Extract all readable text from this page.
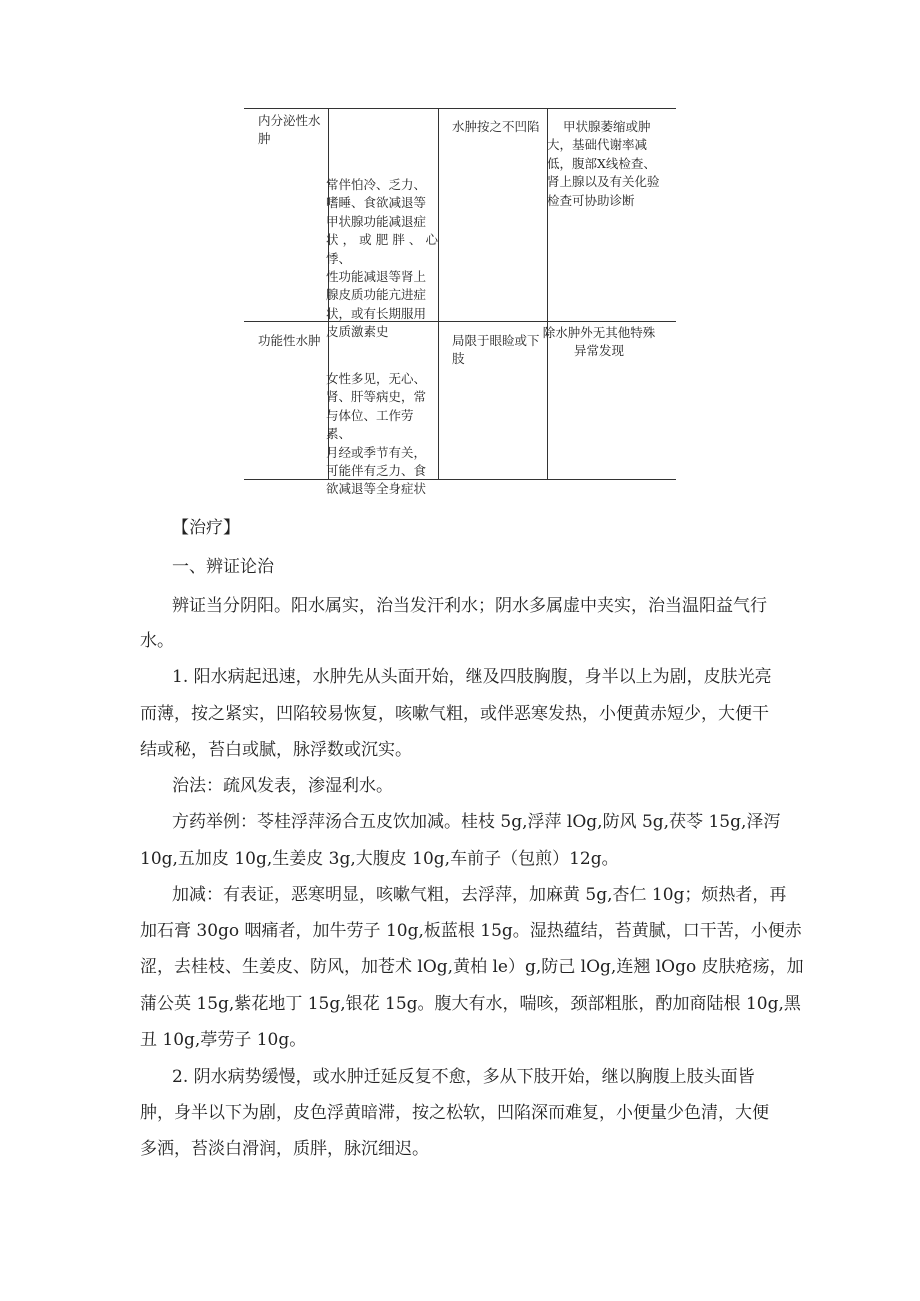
内分泌性水
肿
常伴怕冷、乏力、
嗜睡、食欲减退等
甲状腺功能减退症
状，或肥胖、心悸、
性功能减退等肾上
腺皮质功能亢进症
状，或有长期服用
皮质激素史
水肿按之不凹陷	甲状腺萎缩或肿
大，基础代谢率减
低，腹部X线检查、
肾上腺以及有关化验
检查可协助诊断
功能性水肿
女性多见，无心、
肾、肝等病史，常
与体位、工作劳累、
月经或季节有关，
可能伴有乏力、食
欲减退等全身症状
局限于眼睑或下
肢
除水肿外无其他特殊
异常发现
【治疗】
一、辨证论治
辨证当分阴阳。阳水属实，治当发汗利水；阴水多属虚中夹实，治当温阳益气行
水。
1. 阳水病起迅速，水肿先从头面开始，继及四肢胸腹，身半以上为剧，皮肤光亮
而薄，按之紧实，凹陷较易恢复，咳嗽气粗，或伴恶寒发热，小便黄赤短少，大便干
结或秘，苔白或腻，脉浮数或沉实。
治法：疏风发表，渗湿利水。
方药举例：苓桂浮萍汤合五皮饮加减。桂枝 5g,浮萍 lOg,防风 5g,茯苓 15g,泽泻
10g,五加皮 10g,生姜皮 3g,大腹皮 10g,车前子（包煎）12g。
加减：有表证，恶寒明显，咳嗽气粗，去浮萍，加麻黄 5g,杏仁 10g；烦热者，再
加石膏 30go 咽痛者，加牛劳子 10g,板蓝根 15g。湿热蕴结，苔黄腻，口干苦，小便赤
涩，去桂枝、生姜皮、防风，加苍术 lOg,黄柏 le）g,防己 lOg,连翘 lOgo 皮肤疮疡，加
蒲公英 15g,紫花地丁 15g,银花 15g。腹大有水，喘咳，颈部粗胀，酌加商陆根 10g,黑
丑 10g,葶劳子 10g。
2. 阴水病势缓慢，或水肿迁延反复不愈，多从下肢开始，继以胸腹上肢头面皆
肿，身半以下为剧，皮色浮黄暗滞，按之松软，凹陷深而难复，小便量少色清，大便
多洒，苔淡白滑润，质胖，脉沉细迟。
